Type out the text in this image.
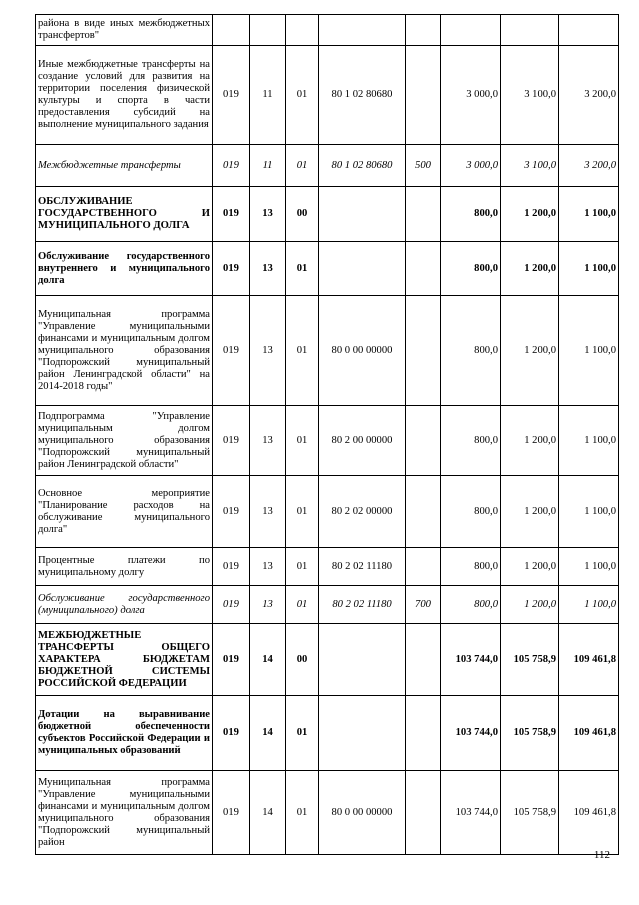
района в виде иных межбюджетных трансфертов"								
Иные межбюджетные трансферты на создание условий для развития на территории поселения физической культуры и спорта в части предоставления субсидий на выполнение муниципального задания	019	11	01	80 1 02 80680		3 000,0	3 100,0	3 200,0
Межбюджетные трансферты	019	11	01	80 1 02 80680	500	3 000,0	3 100,0	3 200,0
ОБСЛУЖИВАНИЕ ГОСУДАРСТВЕННОГО И МУНИЦИПАЛЬНОГО ДОЛГА	019	13	00			800,0	1 200,0	1 100,0
Обслуживание государственного внутреннего и муниципального долга	019	13	01			800,0	1 200,0	1 100,0
Муниципальная программа "Управление муниципальными финансами и муниципальным долгом муниципального образования "Подпорожский муниципальный район Ленинградской области" на 2014-2018 годы"	019	13	01	80 0 00 00000		800,0	1 200,0	1 100,0
Подпрограмма "Управление муниципальным долгом муниципального образования "Подпорожский муниципальный район Ленинградской области"	019	13	01	80 2 00 00000		800,0	1 200,0	1 100,0
Основное мероприятие "Планирование расходов на обслуживание муниципального долга"	019	13	01	80 2 02 00000		800,0	1 200,0	1 100,0
Процентные платежи по муниципальному долгу	019	13	01	80 2 02 11180		800,0	1 200,0	1 100,0
Обслуживание государственного (муниципального) долга	019	13	01	80 2 02 11180	700	800,0	1 200,0	1 100,0
МЕЖБЮДЖЕТНЫЕ ТРАНСФЕРТЫ ОБЩЕГО ХАРАКТЕРА БЮДЖЕТАМ БЮДЖЕТНОЙ СИСТЕМЫ РОССИЙСКОЙ ФЕДЕРАЦИИ	019	14	00			103 744,0	105 758,9	109 461,8
Дотации на выравнивание бюджетной обеспеченности субъектов Российской Федерации и муниципальных образований	019	14	01			103 744,0	105 758,9	109 461,8
Муниципальная программа "Управление муниципальными финансами и муниципальным долгом муниципального образования "Подпорожский муниципальный район	019	14	01	80 0 00 00000		103 744,0	105 758,9	109 461,8
112
